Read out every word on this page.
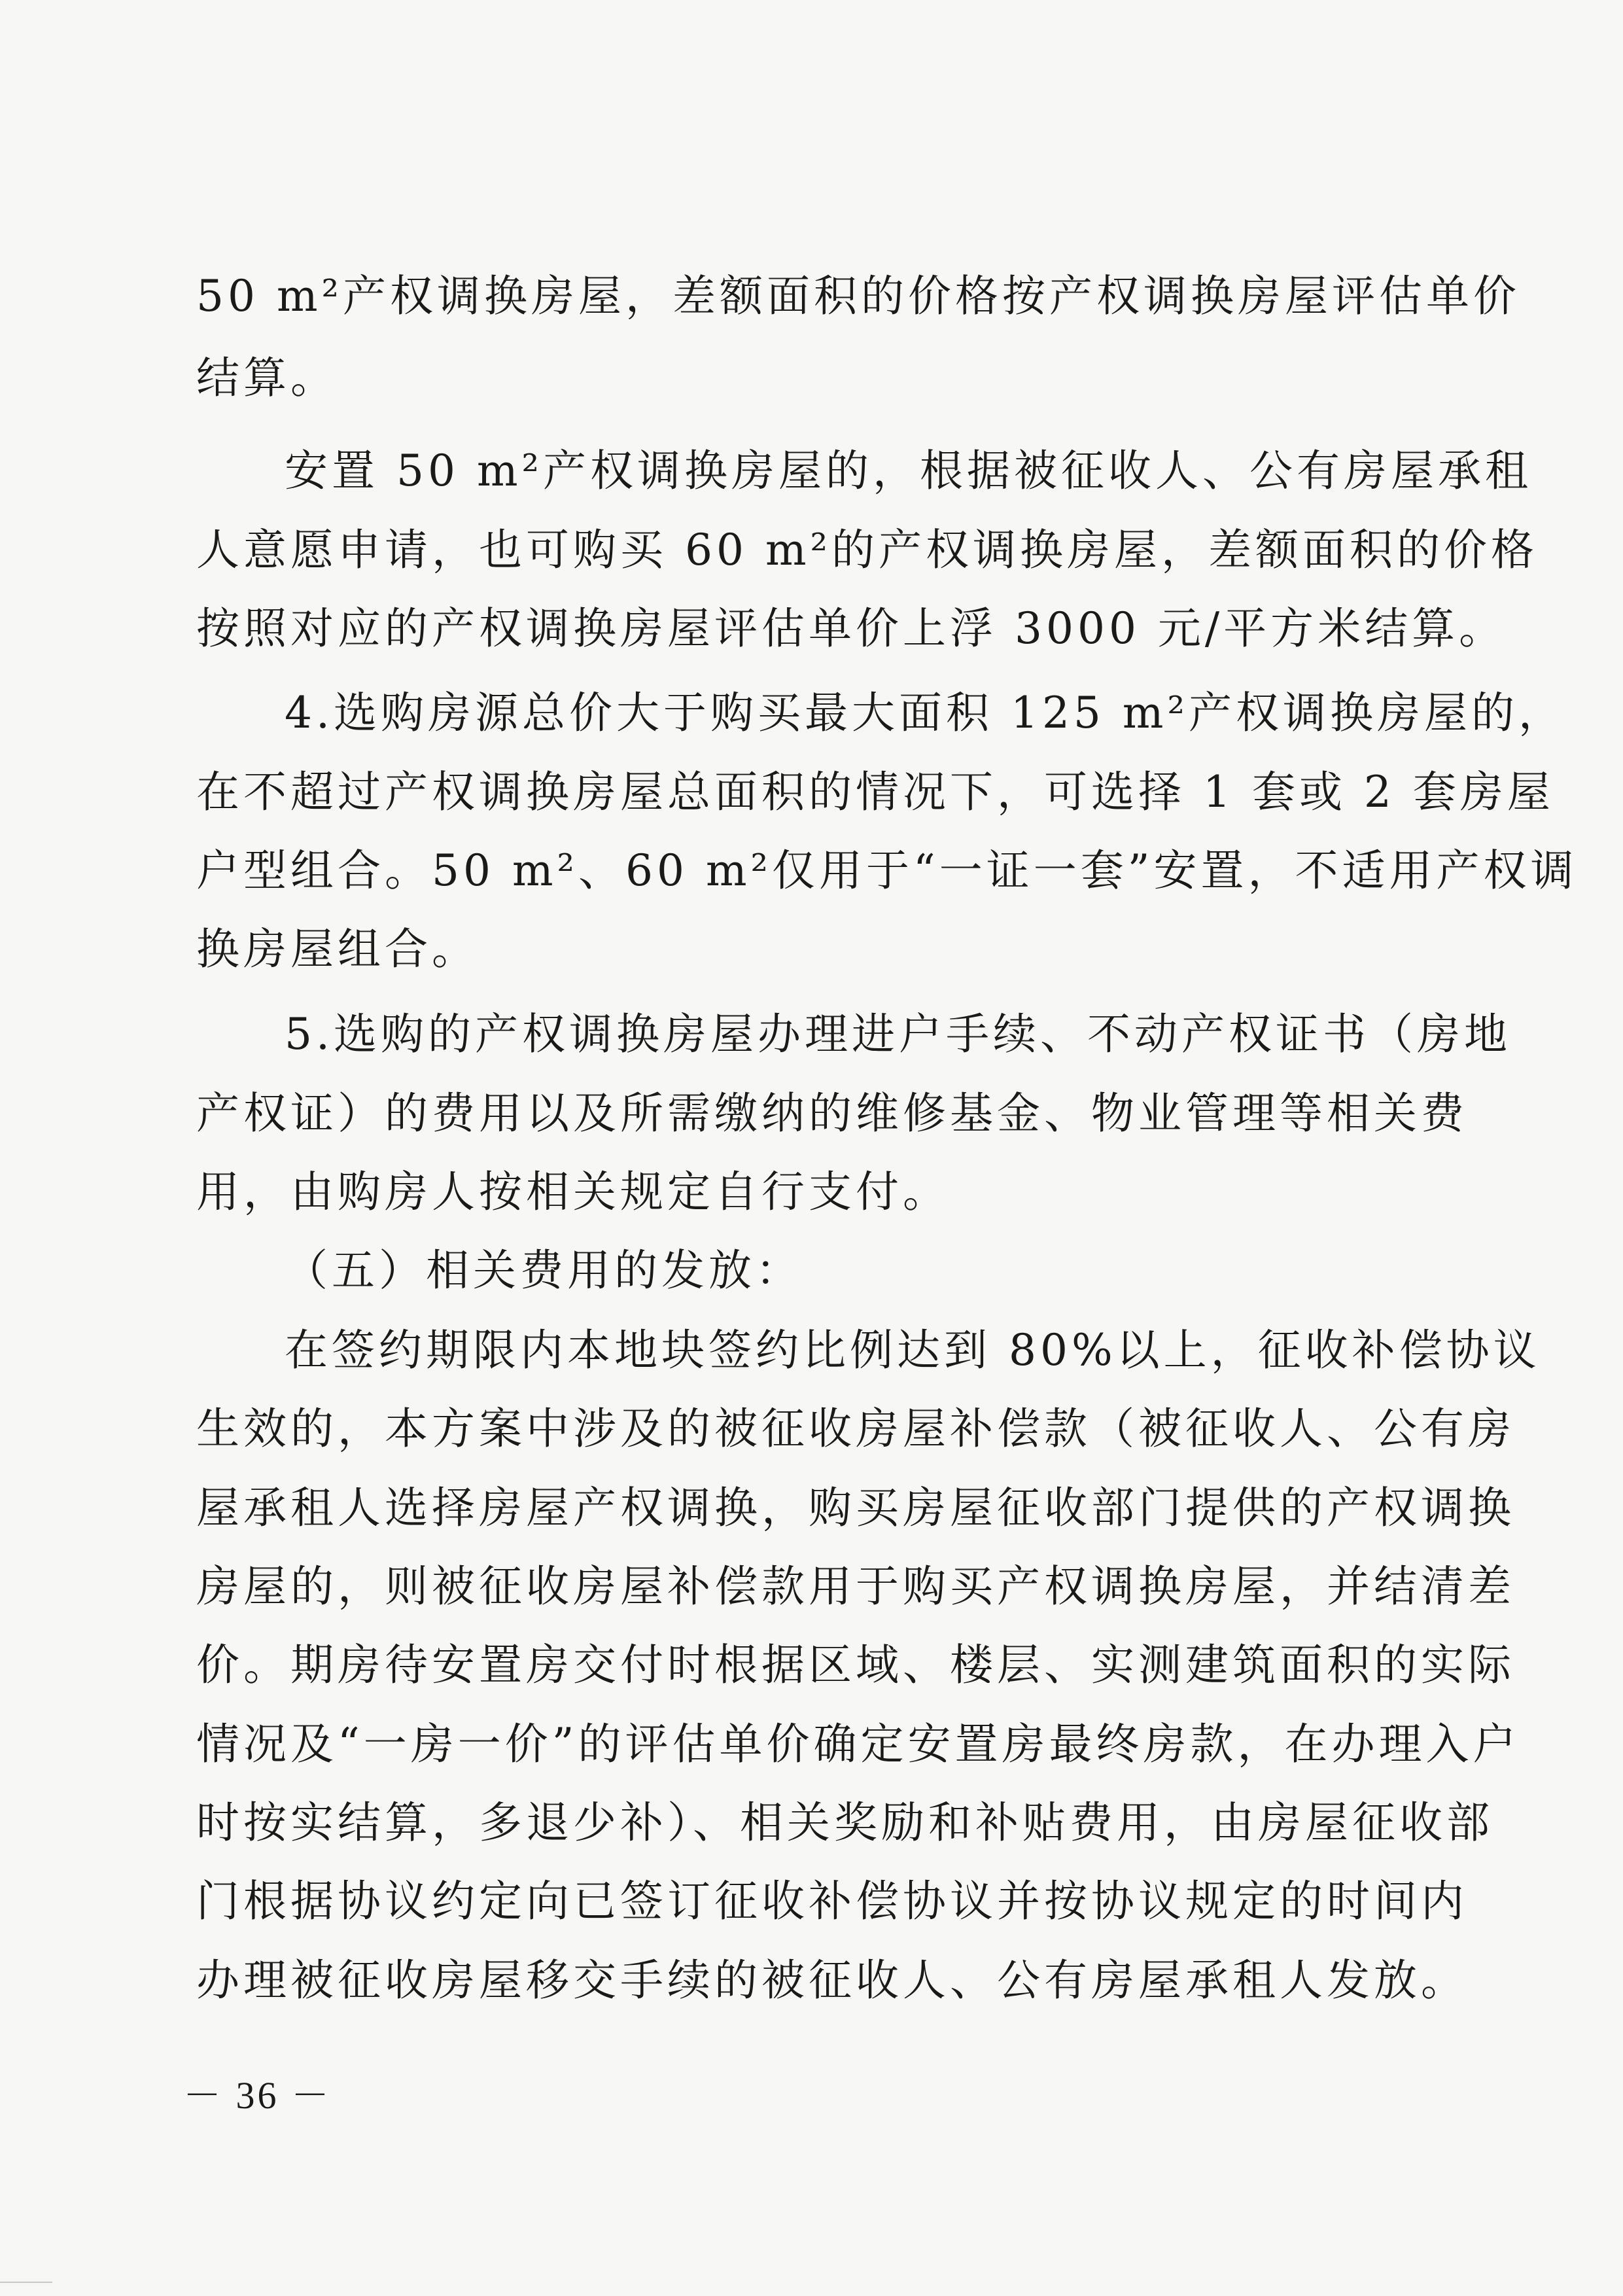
50 m²产权调换房屋，差额面积的价格按产权调换房屋评估单价
结算。
安置 50 m²产权调换房屋的，根据被征收人、公有房屋承租
人意愿申请，也可购买 60 m²的产权调换房屋，差额面积的价格
按照对应的产权调换房屋评估单价上浮 3000 元/平方米结算。
4.选购房源总价大于购买最大面积 125 m²产权调换房屋的，
在不超过产权调换房屋总面积的情况下，可选择 1 套或 2 套房屋
户型组合。50 m²、60 m²仅用于“一证一套”安置，不适用产权调
换房屋组合。
5.选购的产权调换房屋办理进户手续、不动产权证书（房地
产权证）的费用以及所需缴纳的维修基金、物业管理等相关费
用，由购房人按相关规定自行支付。
（五）相关费用的发放：
在签约期限内本地块签约比例达到 80%以上，征收补偿协议
生效的，本方案中涉及的被征收房屋补偿款（被征收人、公有房
屋承租人选择房屋产权调换，购买房屋征收部门提供的产权调换
房屋的，则被征收房屋补偿款用于购买产权调换房屋，并结清差
价。期房待安置房交付时根据区域、楼层、实测建筑面积的实际
情况及“一房一价”的评估单价确定安置房最终房款，在办理入户
时按实结算，多退少补）、相关奖励和补贴费用，由房屋征收部
门根据协议约定向已签订征收补偿协议并按协议规定的时间内
办理被征收房屋移交手续的被征收人、公有房屋承租人发放。
－ 36 －
